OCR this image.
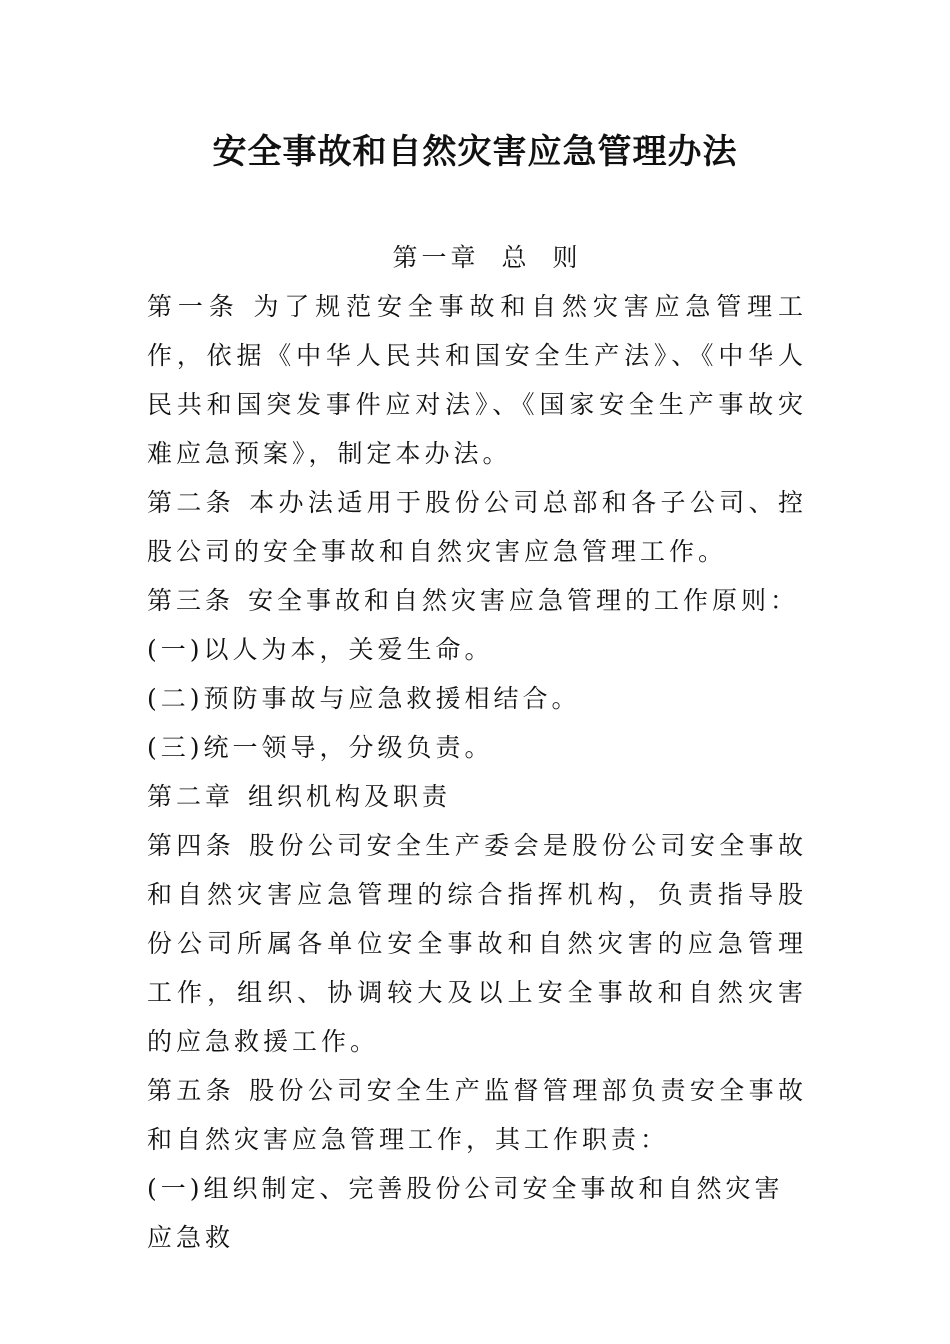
安全事故和自然灾害应急管理办法

第一章 总 则

第一条 为了规范安全事故和自然灾害应急管理工作，依据《中华人民共和国安全生产法》、《中华人民共和国突发事件应对法》、《国家安全生产事故灾难应急预案》，制定本办法。

第二条 本办法适用于股份公司总部和各子公司、控股公司的安全事故和自然灾害应急管理工作。

第三条 安全事故和自然灾害应急管理的工作原则：

(一)以人为本，关爱生命。

(二)预防事故与应急救援相结合。

(三)统一领导，分级负责。

第二章 组织机构及职责

第四条 股份公司安全生产委会是股份公司安全事故和自然灾害应急管理的综合指挥机构，负责指导股份公司所属各单位安全事故和自然灾害的应急管理工作，组织、协调较大及以上安全事故和自然灾害的应急救援工作。

第五条 股份公司安全生产监督管理部负责安全事故和自然灾害应急管理工作，其工作职责：

(一)组织制定、完善股份公司安全事故和自然灾害应急救
